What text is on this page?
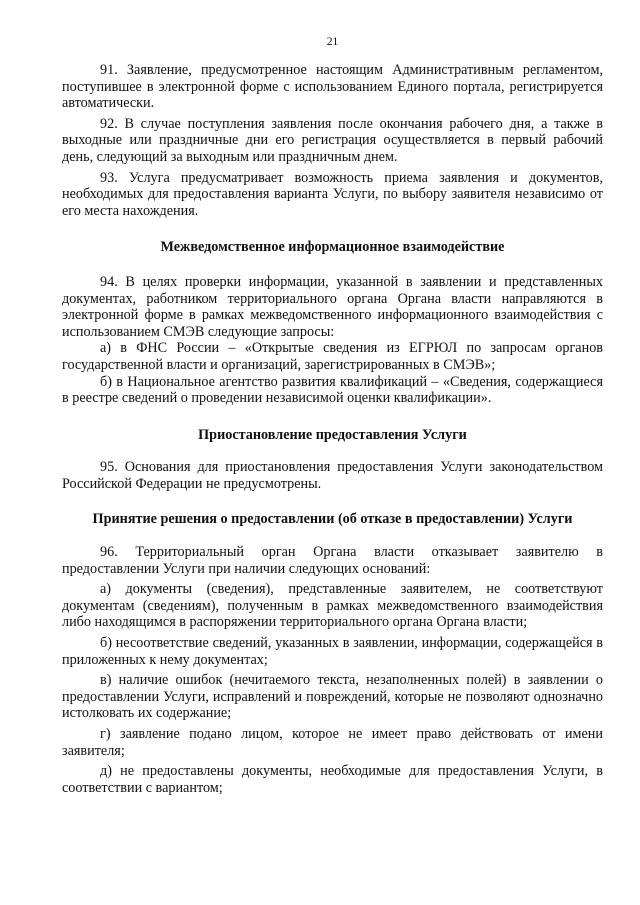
21

91. Заявление, предусмотренное настоящим Административным регламентом, поступившее в электронной форме с использованием Единого портала, регистрируется автоматически.

92. В случае поступления заявления после окончания рабочего дня, а также в выходные или праздничные дни его регистрация осуществляется в первый рабочий день, следующий за выходным или праздничным днем.

93. Услуга предусматривает возможность приема заявления и документов, необходимых для предоставления варианта Услуги, по выбору заявителя независимо от его места нахождения.

Межведомственное информационное взаимодействие

94. В целях проверки информации, указанной в заявлении и представленных документах, работником территориального органа Органа власти направляются в электронной форме в рамках межведомственного информационного взаимодействия с использованием СМЭВ следующие запросы:

а) в ФНС России – «Открытые сведения из ЕГРЮЛ по запросам органов государственной власти и организаций, зарегистрированных в СМЭВ»;

б) в Национальное агентство развития квалификаций – «Сведения, содержащиеся в реестре сведений о проведении независимой оценки квалификации».

Приостановление предоставления Услуги

95. Основания для приостановления предоставления Услуги законодательством Российской Федерации не предусмотрены.

Принятие решения о предоставлении (об отказе в предоставлении) Услуги

96. Территориальный орган Органа власти отказывает заявителю в предоставлении Услуги при наличии следующих оснований:

а) документы (сведения), представленные заявителем, не соответствуют документам (сведениям), полученным в рамках межведомственного взаимодействия либо находящимся в распоряжении территориального органа Органа власти;

б) несоответствие сведений, указанных в заявлении, информации, содержащейся в приложенных к нему документах;

в) наличие ошибок (нечитаемого текста, незаполненных полей) в заявлении о предоставлении Услуги, исправлений и повреждений, которые не позволяют однозначно истолковать их содержание;

г) заявление подано лицом, которое не имеет право действовать от имени заявителя;

д) не предоставлены документы, необходимые для предоставления Услуги, в соответствии с вариантом;
